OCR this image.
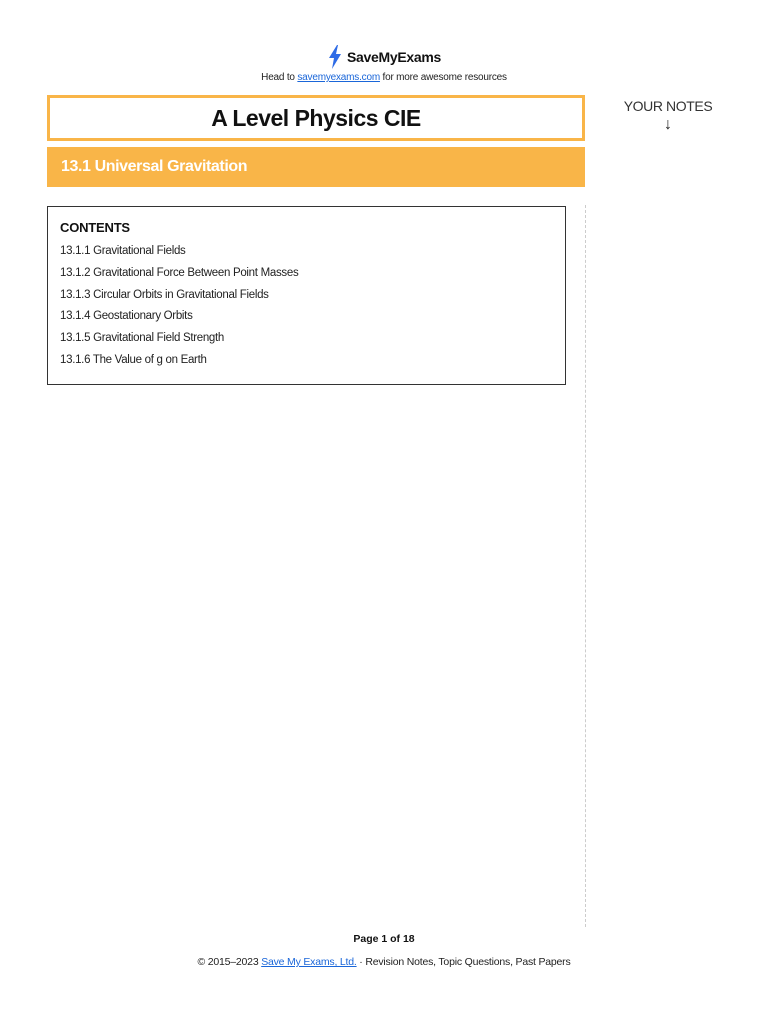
SaveMyExams
Head to savemyexams.com for more awesome resources
A Level Physics CIE
13.1 Universal Gravitation
YOUR NOTES
↓
CONTENTS
13.1.1 Gravitational Fields
13.1.2 Gravitational Force Between Point Masses
13.1.3 Circular Orbits in Gravitational Fields
13.1.4 Geostationary Orbits
13.1.5 Gravitational Field Strength
13.1.6 The Value of g on Earth
Page 1 of 18
© 2015–2023 Save My Exams, Ltd. · Revision Notes, Topic Questions, Past Papers
